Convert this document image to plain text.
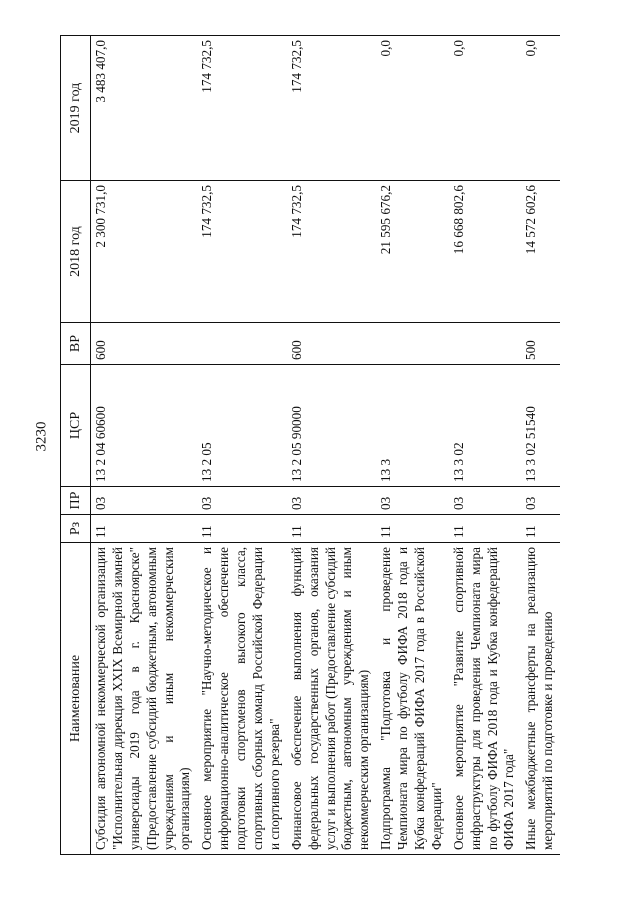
3230
Наименование	Рз	ПР	ЦСР	ВР	2018 год	2019 год
Субсидия автономной некоммерческой организации "Исполнительная дирекция XXIX Всемирной зимней универсиады 2019 года в г. Красноярске" (Предоставление субсидий бюджетным, автономным учреждениям и иным некоммерческим организациям)	11	03	13 2 04 60600	600	2 300 731,0	3 483 407,0
Основное мероприятие "Научно-методическое и информационно-аналитическое обеспечение подготовки спортсменов высокого класса, спортивных сборных команд Российской Федерации и спортивного резерва"	11	03	13 2 05		174 732,5	174 732,5
Финансовое обеспечение выполнения функций федеральных государственных органов, оказания услуг и выполнения работ (Предоставление субсидий бюджетным, автономным учреждениям и иным некоммерческим организациям)	11	03	13 2 05 90000	600	174 732,5	174 732,5
Подпрограмма "Подготовка и проведение Чемпионата мира по футболу ФИФА 2018 года и Кубка конфедераций ФИФА 2017 года в Российской Федерации"	11	03	13 3		21 595 676,2	0,0
Основное мероприятие "Развитие спортивной инфраструктуры для проведения Чемпионата мира по футболу ФИФА 2018 года и Кубка конфедераций ФИФА 2017 года"	11	03	13 3 02		16 668 802,6	0,0
Иные межбюджетные трансферты на реализацию мероприятий по подготовке и проведению	11	03	13 3 02 51540	500	14 572 602,6	0,0
